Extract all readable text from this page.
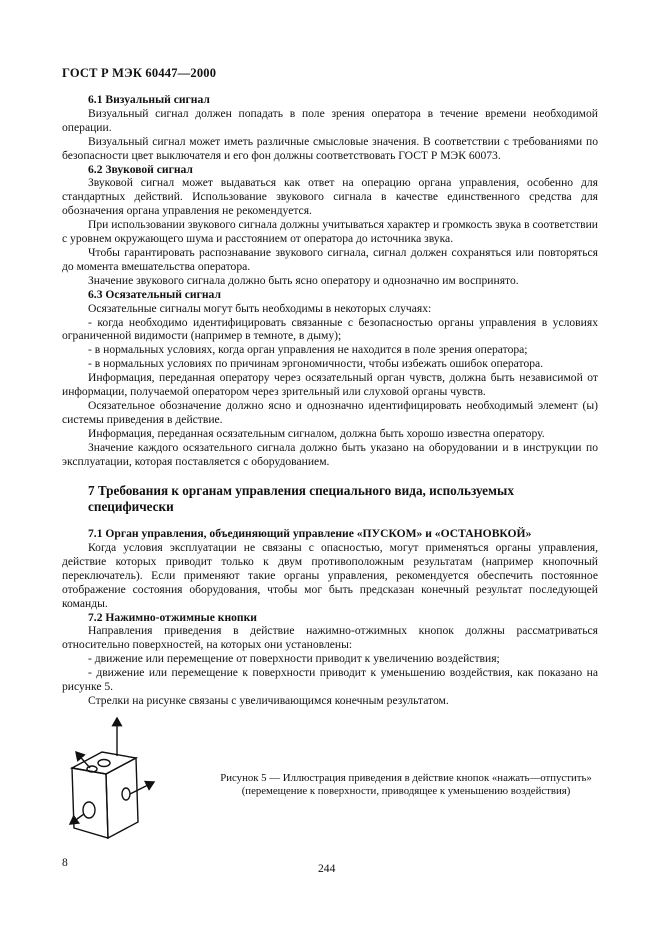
ГОСТ Р МЭК 60447—2000
6.1 Визуальный сигнал

Визуальный сигнал должен попадать в поле зрения оператора в течение времени необходимой операции.

Визуальный сигнал может иметь различные смысловые значения. В соответствии с требованиями по безопасности цвет выключателя и его фон должны соответствовать ГОСТ Р МЭК 60073.

6.2 Звуковой сигнал

Звуковой сигнал может выдаваться как ответ на операцию органа управления, особенно для стандартных действий. Использование звукового сигнала в качестве единственного средства для обозначения органа управления не рекомендуется.

При использовании звукового сигнала должны учитываться характер и громкость звука в соответствии с уровнем окружающего шума и расстоянием от оператора до источника звука.

Чтобы гарантировать распознавание звукового сигнала, сигнал должен сохраняться или повторяться до момента вмешательства оператора.

Значение звукового сигнала должно быть ясно оператору и однозначно им воспринято.

6.3 Осязательный сигнал

Осязательные сигналы могут быть необходимы в некоторых случаях:

- когда необходимо идентифицировать связанные с безопасностью органы управления в условиях ограниченной видимости (например в темноте, в дыму);

- в нормальных условиях, когда орган управления не находится в поле зрения оператора;

- в нормальных условиях по причинам эргономичности, чтобы избежать ошибок оператора.

Информация, переданная оператору через осязательный орган чувств, должна быть независимой от информации, получаемой оператором через зрительный или слуховой органы чувств.

Осязательное обозначение должно ясно и однозначно идентифицировать необходимый элемент (ы) системы приведения в действие.

Информация, переданная осязательным сигналом, должна быть хорошо известна оператору.

Значение каждого осязательного сигнала должно быть указано на оборудовании и в инструкции по эксплуатации, которая поставляется с оборудованием.

7 Требования к органам управления специального вида, используемых специфически
7.1 Орган управления, объединяющий управление «ПУСКОМ» и «ОСТАНОВКОЙ»

Когда условия эксплуатации не связаны с опасностью, могут применяться органы управления, действие которых приводит только к двум противоположным результатам (например кнопочный переключатель). Если применяют такие органы управления, рекомендуется обеспечить постоянное отображение состояния оборудования, чтобы мог быть предсказан конечный результат последующей команды.

7.2 Нажимно-отжимные кнопки

Направления приведения в действие нажимно-отжимных кнопок должны рассматриваться относительно поверхностей, на которых они установлены:

- движение или перемещение от поверхности приводит к увеличению воздействия;

- движение или перемещение к поверхности приводит к уменьшению воздействия, как показано на рисунке 5.

Стрелки на рисунке связаны с увеличивающимся конечным результатом.

Рисунок 5 — Иллюстрация приведения в действие кнопок «нажать—отпустить»
(перемещение к поверхности, приводящее к уменьшению воздействия)
8	244
